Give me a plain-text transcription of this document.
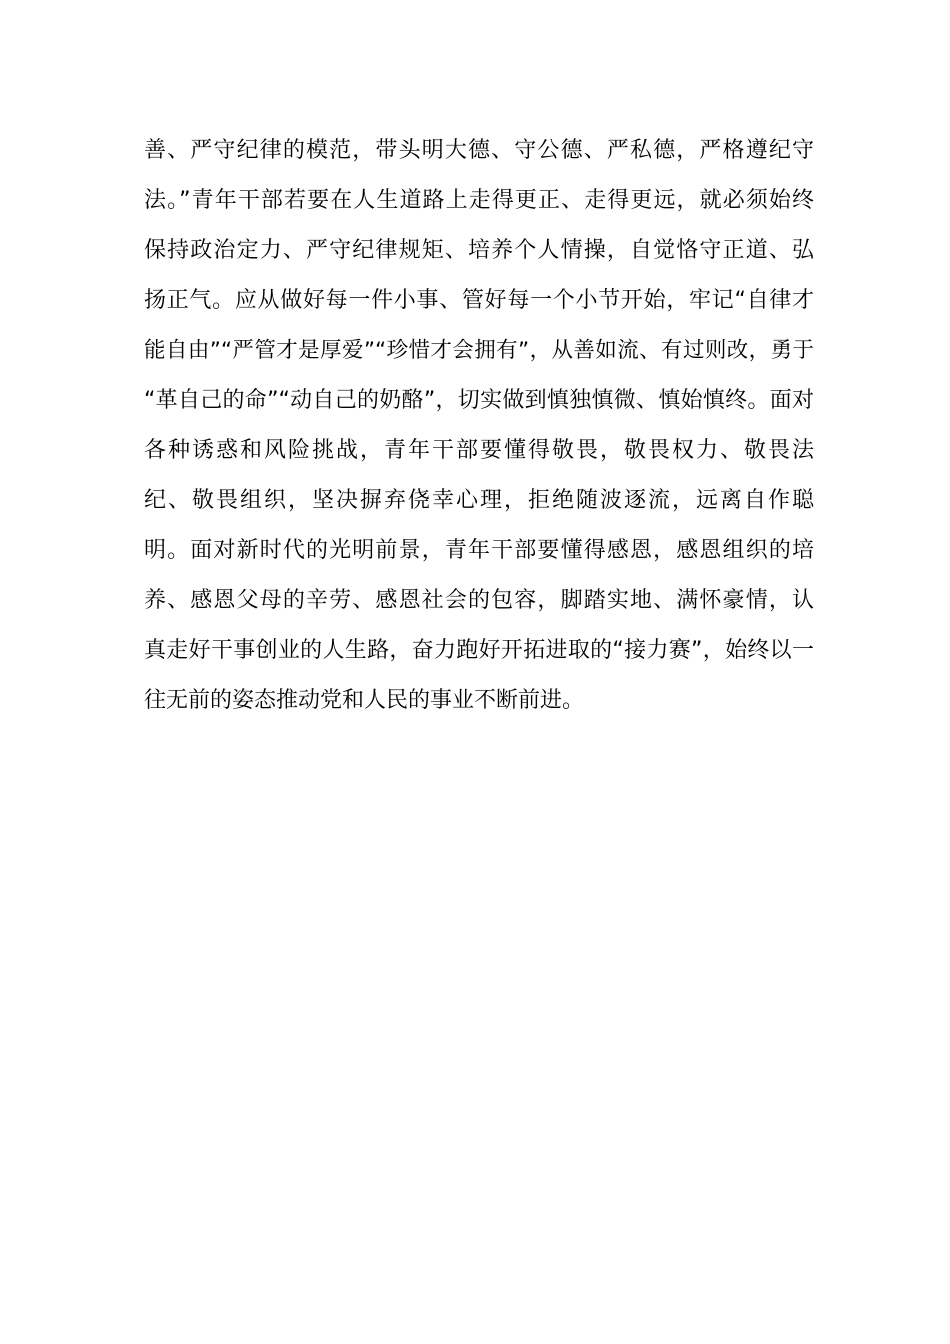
善、严守纪律的模范，带头明大德、守公德、严私德，严格遵纪守
法。”青年干部若要在人生道路上走得更正、走得更远，就必须始终
保持政治定力、严守纪律规矩、培养个人情操，自觉恪守正道、弘
扬正气。应从做好每一件小事、管好每一个小节开始，牢记“自律才
能自由”“严管才是厚爱”“珍惜才会拥有”，从善如流、有过则改，勇于
“革自己的命”“动自己的奶酪”，切实做到慎独慎微、慎始慎终。面对
各种诱惑和风险挑战，青年干部要懂得敬畏，敬畏权力、敬畏法
纪、敬畏组织，坚决摒弃侥幸心理，拒绝随波逐流，远离自作聪
明。面对新时代的光明前景，青年干部要懂得感恩，感恩组织的培
养、感恩父母的辛劳、感恩社会的包容，脚踏实地、满怀豪情，认
真走好干事创业的人生路，奋力跑好开拓进取的“接力赛”，始终以一
往无前的姿态推动党和人民的事业不断前进。
